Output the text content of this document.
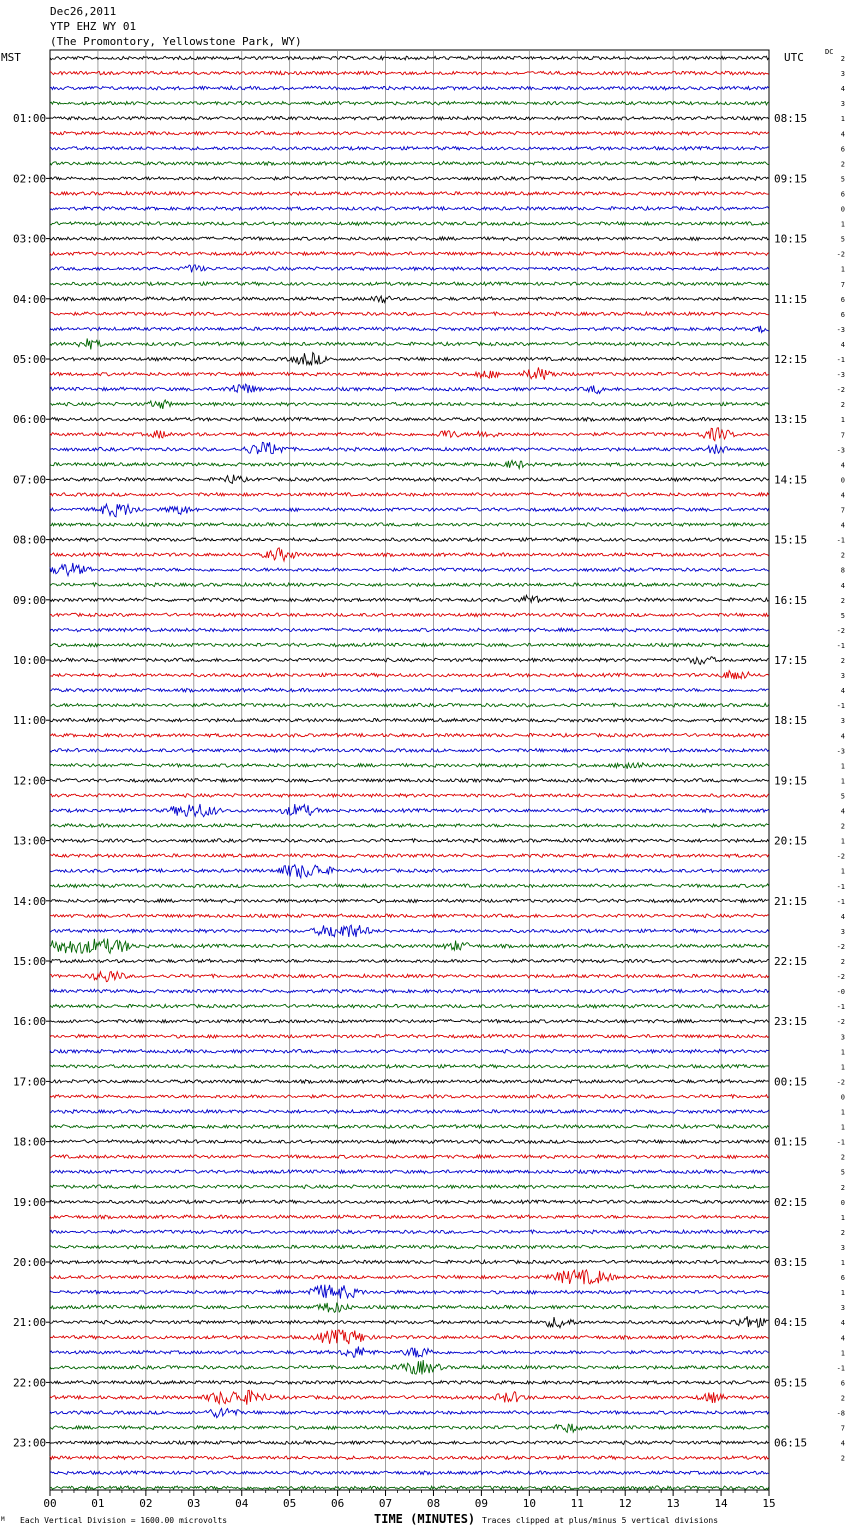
Dec26,2011
YTP EHZ WY 01
(The Promontory, Yellowstone Park, WY)
MST	UTC	DC
01:00
02:00
03:00
04:00
05:00
06:00
07:00
08:00
09:00
10:00
11:00
12:00
13:00
14:00
15:00
16:00
17:00
18:00
19:00
20:00
21:00
22:00
23:00
08:15
09:15
10:15
11:15
12:15
13:15
14:15
15:15
16:15
17:15
18:15
19:15
20:15
21:15
22:15
23:15
00:15
01:15
02:15
03:15
04:15
05:15
06:15
2
3
4
3
1
4
6
2
5
6
0
1
5
-2
1
7
6
6
-3
4
-1
-3
-2
2
1
7
-3
4
0
4
7
4
-1
2
8
4
2
5
-2
-1
2
3
4
-1
3
4
-3
1
1
5
4
2
1
-2
1
-1
-1
4
3
-2
2
-2
-0
-1
-2
3
1
1
-2
0
1
1
-1
2
5
2
0
1
2
3
1
6
1
3
4
4
1
-1
6
2
-8
7
4
2
00	01	02	03	04	05	06	07	08	09	10	11	12	13	14	15
M Each Vertical Division = 1600.00 microvolts	TIME (MINUTES) Traces clipped at plus/minus 5 vertical divisions
